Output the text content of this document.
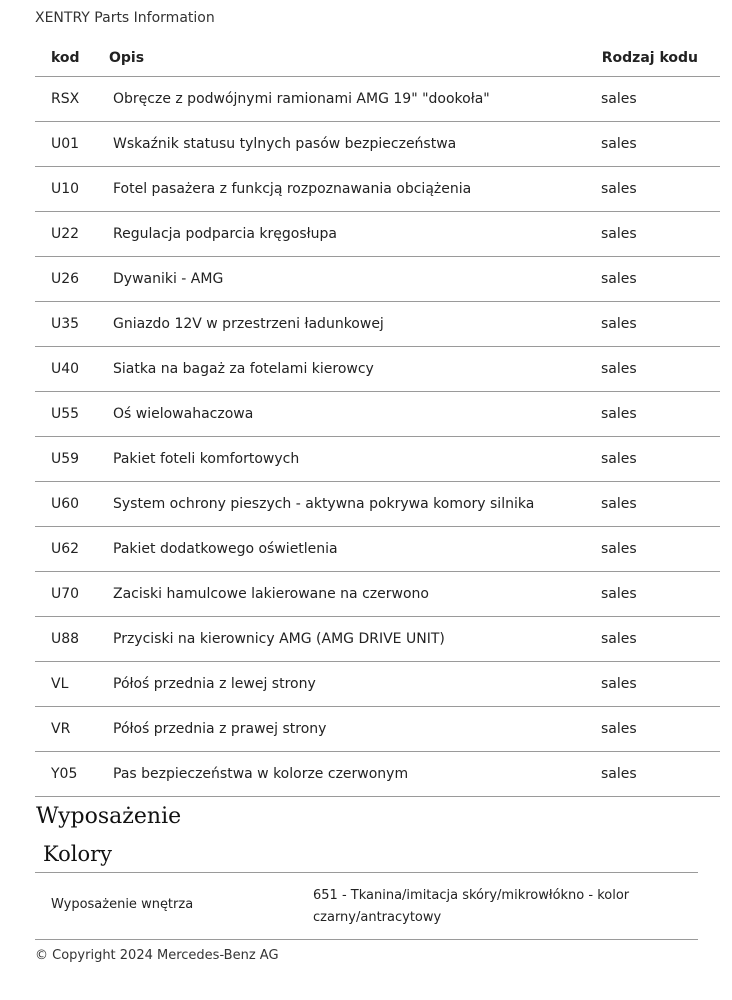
XENTRY Parts Information
kod	Opis	Rodzaj kodu
RSX	Obręcze z podwójnymi ramionami AMG 19" "dookoła"	sales
U01	Wskaźnik statusu tylnych pasów bezpieczeństwa	sales
U10	Fotel pasażera z funkcją rozpoznawania obciążenia	sales
U22	Regulacja podparcia kręgosłupa	sales
U26	Dywaniki - AMG	sales
U35	Gniazdo 12V w przestrzeni ładunkowej	sales
U40	Siatka na bagaż za fotelami kierowcy	sales
U55	Oś wielowahaczowa	sales
U59	Pakiet foteli komfortowych	sales
U60	System ochrony pieszych - aktywna pokrywa komory silnika	sales
U62	Pakiet dodatkowego oświetlenia	sales
U70	Zaciski hamulcowe lakierowane na czerwono	sales
U88	Przyciski na kierownicy AMG (AMG DRIVE UNIT)	sales
VL	Półoś przednia z lewej strony	sales
VR	Półoś przednia z prawej strony	sales
Y05	Pas bezpieczeństwa w kolorze czerwonym	sales
Wyposażenie
Kolory
Wyposażenie wnętrza
651 - Tkanina/imitacja skóry/mikrowłókno - kolor czarny/antracytowy
© Copyright 2024 Mercedes-Benz AG
